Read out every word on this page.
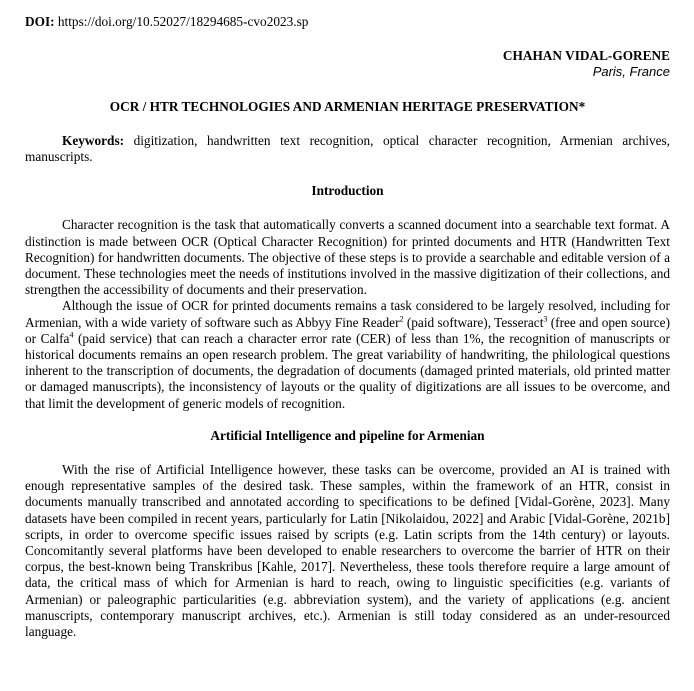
DOI: https://doi.org/10.52027/18294685-cvo2023.sp
CHAHAN VIDAL-GORENE
Paris, France
OCR / HTR TECHNOLOGIES AND ARMENIAN HERITAGE PRESERVATION*

Keywords: digitization, handwritten text recognition, optical character recognition, Armenian archives, manuscripts.

Introduction

Character recognition is the task that automatically converts a scanned document into a searchable text format. A distinction is made between OCR (Optical Character Recognition) for printed documents and HTR (Handwritten Text Recognition) for handwritten documents. The objective of these steps is to provide a searchable and editable version of a document. These technologies meet the needs of institutions involved in the massive digitization of their collections, and strengthen the accessibility of documents and their preservation.

Although the issue of OCR for printed documents remains a task considered to be largely resolved, including for Armenian, with a wide variety of software such as Abbyy Fine Reader$^2$ (paid software), Tesseract$^3$ (free and open source) or Calfa$^4$ (paid service) that can reach a character error rate (CER) of less than 1%, the recognition of manuscripts or historical documents remains an open research problem. The great variability of handwriting, the philological questions inherent to the transcription of documents, the degradation of documents (damaged printed materials, old printed matter or damaged manuscripts), the inconsistency of layouts or the quality of digitizations are all issues to be overcome, and that limit the development of generic models of recognition.

Artificial Intelligence and pipeline for Armenian

With the rise of Artificial Intelligence however, these tasks can be overcome, provided an AI is trained with enough representative samples of the desired task. These samples, within the framework of an HTR, consist in documents manually transcribed and annotated according to specifications to be defined [Vidal-Gorène, 2023]. Many datasets have been compiled in recent years, particularly for Latin [Nikolaidou, 2022] and Arabic [Vidal-Gorène, 2021b] scripts, in order to overcome specific issues raised by scripts (e.g. Latin scripts from the 14th century) or layouts. Concomitantly several platforms have been developed to enable researchers to overcome the barrier of HTR on their corpus, the best-known being Transkribus [Kahle, 2017]. Nevertheless, these tools therefore require a large amount of data, the critical mass of which for Armenian is hard to reach, owing to linguistic specificities (e.g. variants of Armenian) or paleographic particularities (e.g. abbreviation system), and the variety of applications (e.g. ancient manuscripts, contemporary manuscript archives, etc.). Armenian is still today considered as an under-resourced language.
